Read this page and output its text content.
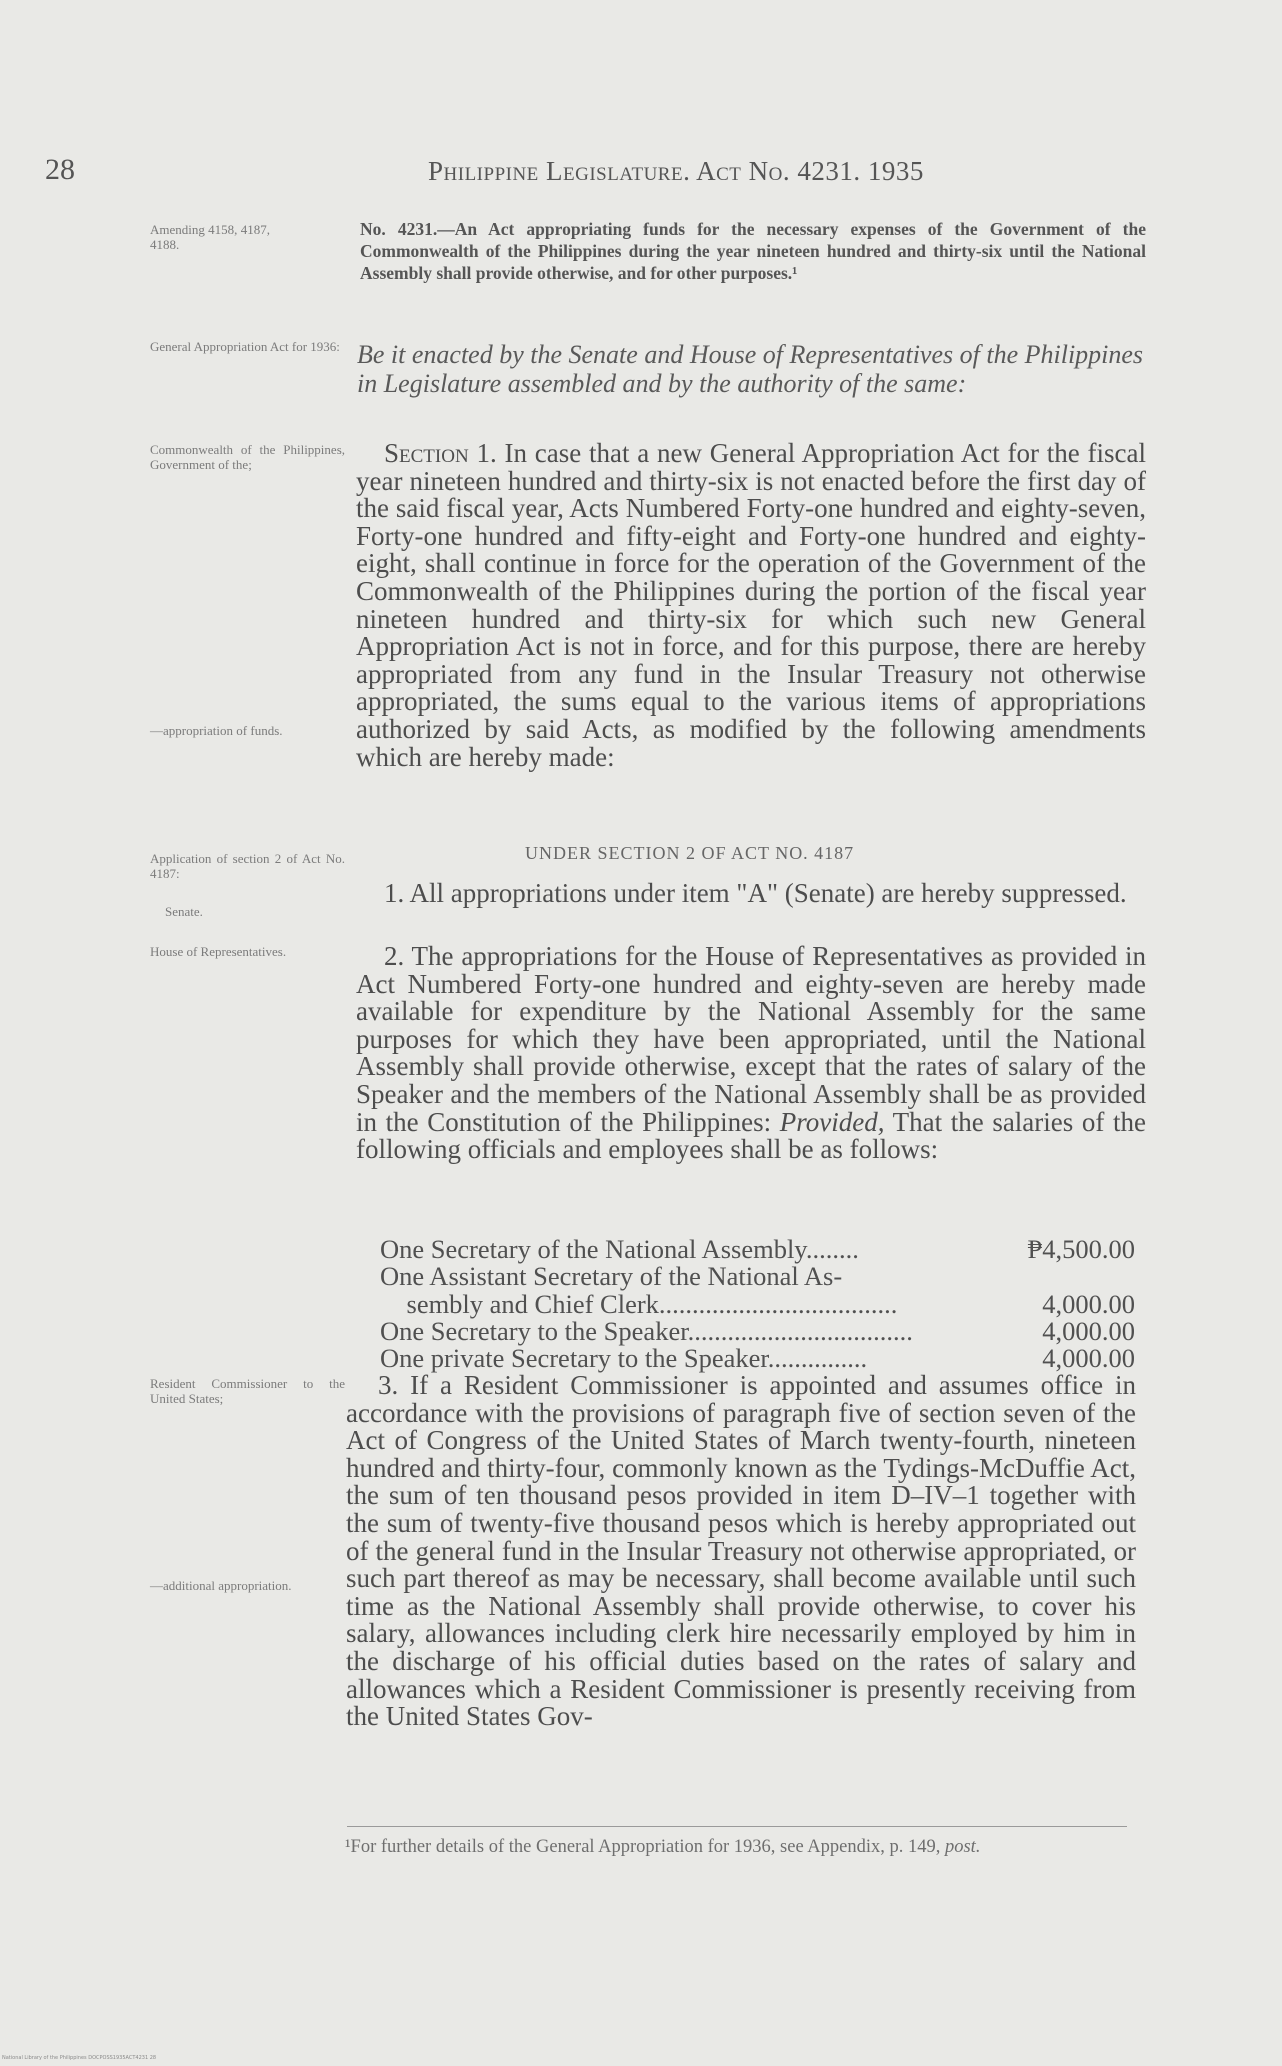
28	Philippine Legislature. Act No. 4231. 1935
Amending 4158, 4187, 4188.
General Appropriation Act for 1936:
Commonwealth of the Philippines, Government of the;
—appropriation of funds.
Application of section 2 of Act No. 4187:
Senate.
House of Representatives.
Resident Commissioner to the United States;
—additional appropriation.
No. 4231.—An Act appropriating funds for the necessary expenses of the Government of the Commonwealth of the Philippines during the year nineteen hundred and thirty-six until the National Assembly shall provide otherwise, and for other purposes.¹
Be it enacted by the Senate and House of Representatives of the Philippines in Legislature assembled and by the authority of the same:
Section 1. In case that a new General Appropriation Act for the fiscal year nineteen hundred and thirty-six is not enacted before the first day of the said fiscal year, Acts Numbered Forty-one hundred and eighty-seven, Forty-one hundred and fifty-eight and Forty-one hundred and eighty-eight, shall continue in force for the operation of the Government of the Commonwealth of the Philippines during the portion of the fiscal year nineteen hundred and thirty-six for which such new General Appropriation Act is not in force, and for this purpose, there are hereby appropriated from any fund in the Insular Treasury not otherwise appropriated, the sums equal to the various items of appropriations authorized by said Acts, as modified by the following amendments which are hereby made:
UNDER SECTION 2 OF ACT NO. 4187
1. All appropriations under item "A" (Senate) are hereby suppressed.
2. The appropriations for the House of Representatives as provided in Act Numbered Forty-one hundred and eighty-seven are hereby made available for expenditure by the National Assembly for the same purposes for which they have been appropriated, until the National Assembly shall provide otherwise, except that the rates of salary of the Speaker and the members of the National Assembly shall be as provided in the Constitution of the Philippines: Provided, That the salaries of the following officials and employees shall be as follows:
One Secretary of the National Assembly........	₱4,500.00
One Assistant Secretary of the National As-
sembly and Chief Clerk....................................	4,000.00
One Secretary to the Speaker..................................	4,000.00
One private Secretary to the Speaker...............	4,000.00
3. If a Resident Commissioner is appointed and assumes office in accordance with the provisions of paragraph five of section seven of the Act of Congress of the United States of March twenty-fourth, nineteen hundred and thirty-four, commonly known as the Tydings-McDuffie Act, the sum of ten thousand pesos provided in item D–IV–1 together with the sum of twenty-five thousand pesos which is hereby appropriated out of the general fund in the Insular Treasury not otherwise appropriated, or such part thereof as may be necessary, shall become available until such time as the National Assembly shall provide otherwise, to cover his salary, allowances including clerk hire necessarily employed by him in the discharge of his official duties based on the rates of salary and allowances which a Resident Commissioner is presently receiving from the United States Gov-
¹For further details of the General Appropriation for 1936, see Appendix, p. 149, post.
National Library of the Philippines DOCPOSS1935ACT4231 28
